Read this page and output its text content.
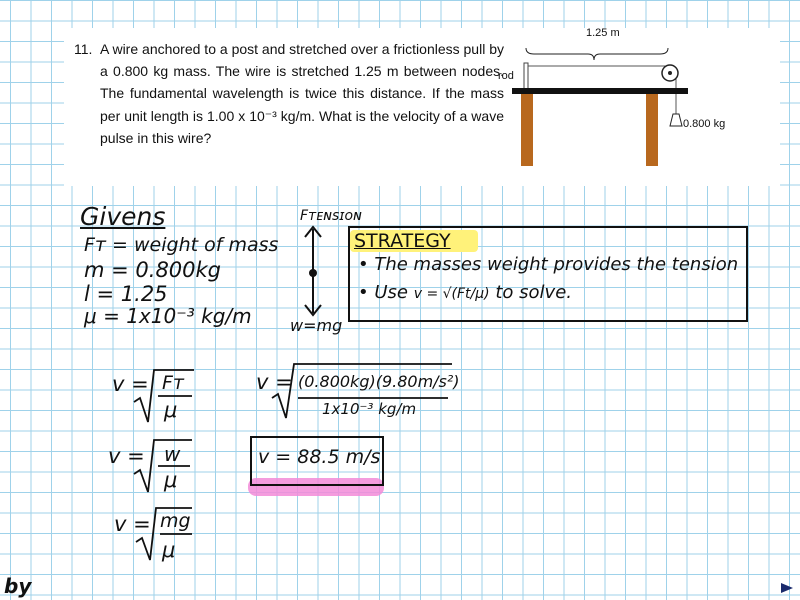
11. A wire anchored to a post and stretched over a frictionless pull by a 0.800 kg mass. The wire is stretched 1.25 m between nodes. The fundamental wavelength is twice this distance. If the mass per unit length is 1.00 x 10⁻³ kg/m. What is the velocity of a wave pulse in this wire?
1.25 m
rod
0.800 kg
Givens
Fᴛ = weight of mass
m = 0.800kg
l = 1.25
μ = 1x10⁻³ kg/m
Fᴛᴇɴsɪᴏɴ
w=mg
STRATEGY
• The masses weight provides the tension
• Use v = √(Ft/μ) to solve.
v = Fᴛ
μ
v = w
μ
v = mg
μ
v = (0.800kg)(9.80m/s²)
1x10⁻³ kg/m
v = 88.5 m/s
by
